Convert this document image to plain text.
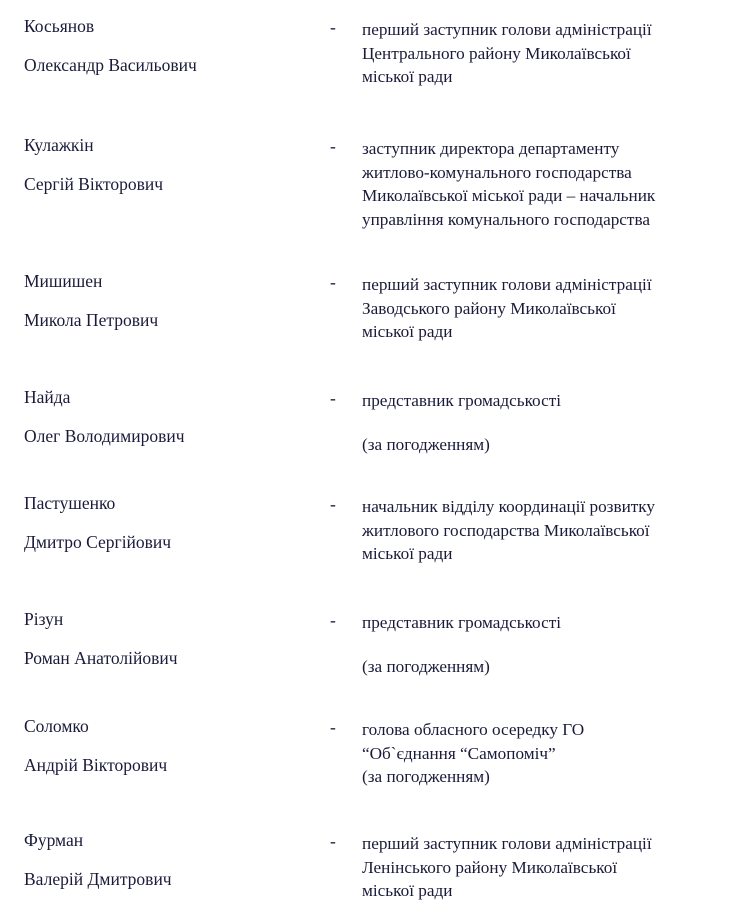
Косьянов
Олександр Васильович
-	перший заступник голови адміністрації
Центрального району Миколаївської
міської ради
Кулажкін
Сергій Вікторович
-	заступник директора департаменту
житлово-комунального господарства
Миколаївської міської ради – начальник
управління комунального господарства
Мишишен
Микола Петрович
-	перший заступник голови адміністрації
Заводського району Миколаївської
міської ради
Найда
Олег Володимирович
-	представник громадськості
(за погодженням)
Пастушенко
Дмитро Сергійович
-	начальник відділу координації розвитку
житлового господарства Миколаївської
міської ради
Різун
Роман Анатолійович
-	представник громадськості
(за погодженням)
Соломко
Андрій Вікторович
-	голова обласного осередку ГО
“Об`єднання “Самопоміч”
(за погодженням)
Фурман
Валерій Дмитрович
-	перший заступник голови адміністрації
Ленінського району Миколаївської
міської ради
